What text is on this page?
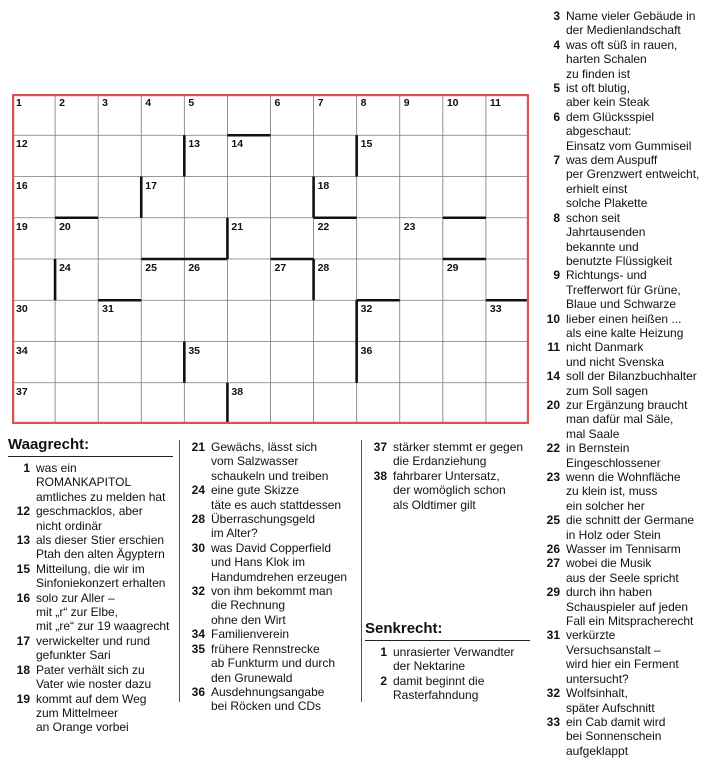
1	2	3	4	5	6	7	8	9	10	11
12	13	14	15
16	17	18
19	20	21	22	23
24	25	26	27	28	29
30	31	32	33
34	35	36
37	38
Waagrecht:
1 was ein ROMANKAPITOL
amtliches zu melden hat
12 geschmacklos, aber
nicht ordinär
13 als dieser Stier erschien
Ptah den alten Ägyptern
15 Mitteilung, die wir im
Sinfoniekonzert erhalten
16 solo zur Aller –
mit „r“ zur Elbe,
mit „re“ zur 19 waagrecht
17 verwickelter und rund
gefunkter Sari
18 Pater verhält sich zu
Vater wie noster dazu
19 kommt auf dem Weg
zum Mittelmeer
an Orange vorbei
21 Gewächs, lässt sich
vom Salzwasser
schaukeln und treiben
24 eine gute Skizze
täte es auch stattdessen
28 Überraschungsgeld
im Alter?
30 was David Copperfield
und Hans Klok im
Handumdrehen erzeugen
32 von ihm bekommt man
die Rechnung
ohne den Wirt
34 Familienverein
35 frühere Rennstrecke
ab Funkturm und durch
den Grunewald
36 Ausdehnungsangabe
bei Röcken und CDs
37 stärker stemmt er gegen
die Erdanziehung
38 fahrbarer Untersatz,
der womöglich schon
als Oldtimer gilt
Senkrecht:
1 unrasierter Verwandter
der Nektarine
2 damit beginnt die
Rasterfahndung
3 Name vieler Gebäude in
der Medienlandschaft
4 was oft süß in rauen,
harten Schalen
zu finden ist
5 ist oft blutig,
aber kein Steak
6 dem Glücksspiel
abgeschaut:
Einsatz vom Gummiseil
7 was dem Auspuff
per Grenzwert entweicht,
erhielt einst
solche Plakette
8 schon seit
Jahrtausenden
bekannte und
benutzte Flüssigkeit
9 Richtungs- und
Trefferwort für Grüne,
Blaue und Schwarze
10 lieber einen heißen ...
als eine kalte Heizung
11 nicht Danmark
und nicht Svenska
14 soll der Bilanzbuchhalter
zum Soll sagen
20 zur Ergänzung braucht
man dafür mal Säle,
mal Saale
22 in Bernstein
Eingeschlossener
23 wenn die Wohnfläche
zu klein ist, muss
ein solcher her
25 die schnitt der Germane
in Holz oder Stein
26 Wasser im Tennisarm
27 wobei die Musik
aus der Seele spricht
29 durch ihn haben
Schauspieler auf jeden
Fall ein Mitspracherecht
31 verkürzte
Versuchsanstalt –
wird hier ein Ferment
untersucht?
32 Wolfsinhalt,
später Aufschnitt
33 ein Cab damit wird
bei Sonnenschein
aufgeklappt
